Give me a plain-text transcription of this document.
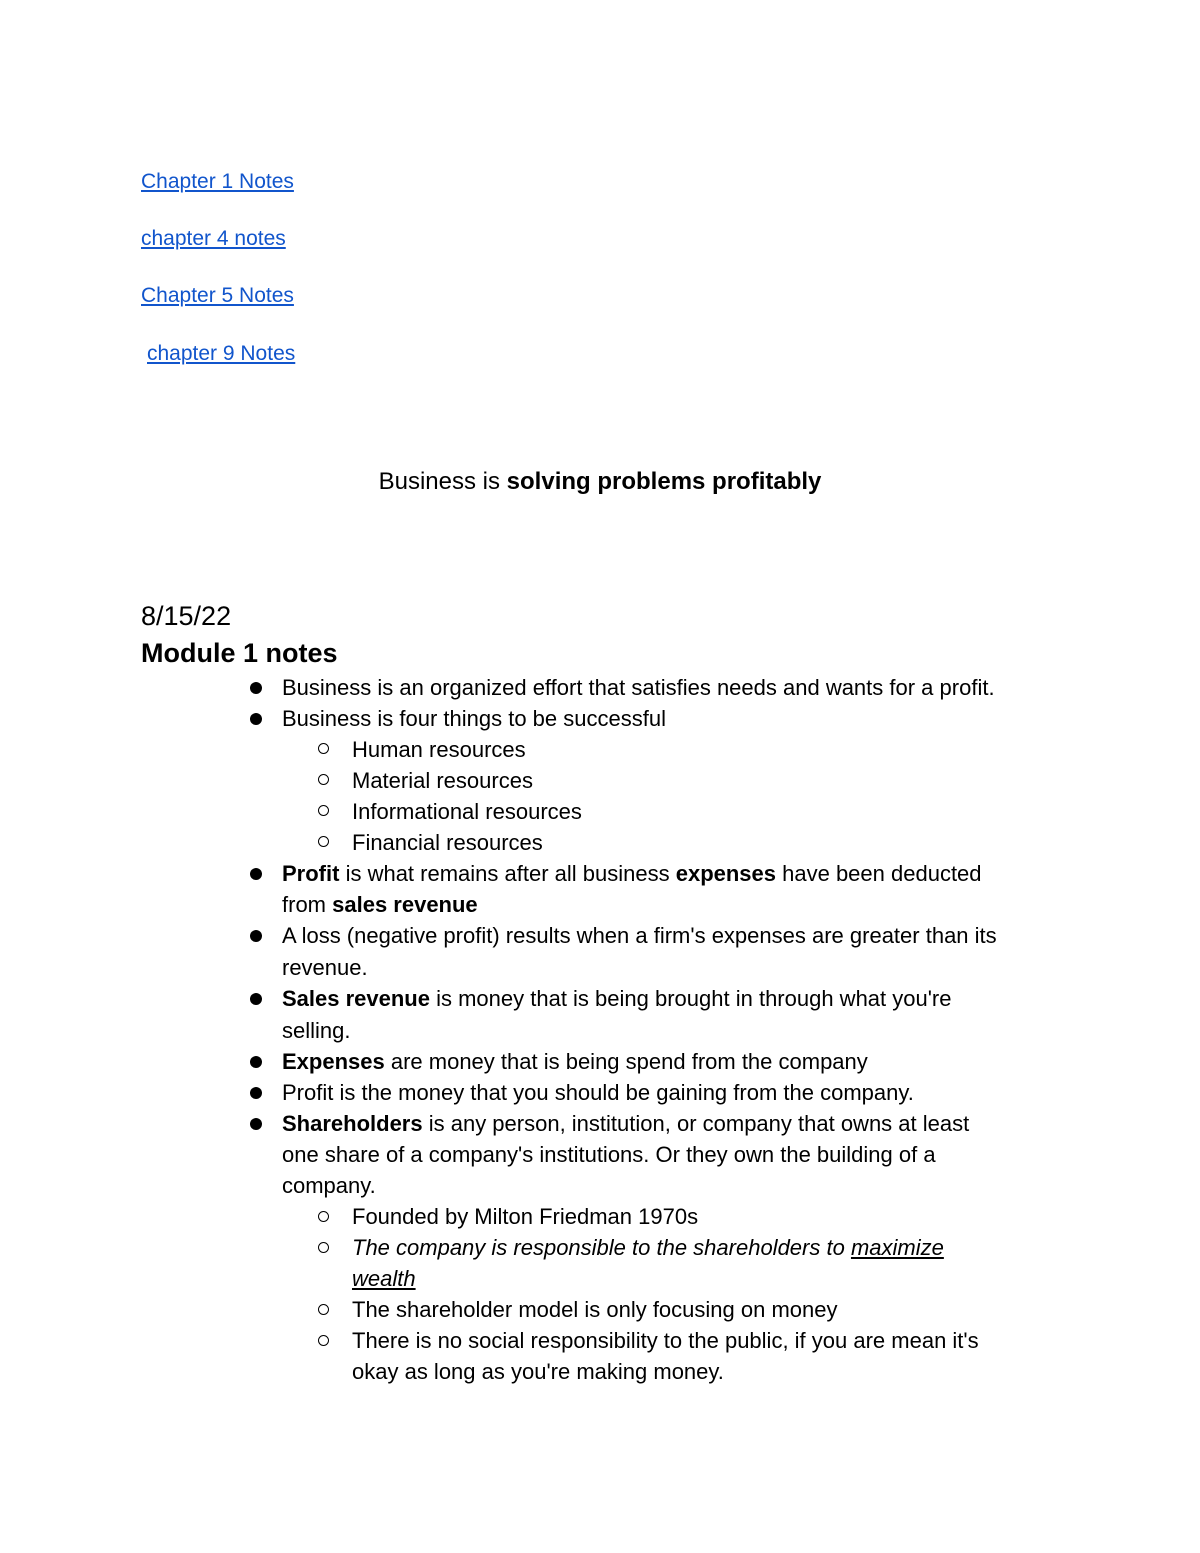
Chapter 1 Notes
chapter 4 notes
Chapter 5 Notes
chapter 9 Notes
Business is solving problems profitably
8/15/22
Module 1 notes
Business is an organized effort that satisfies needs and wants for a profit.
Business is four things to be successful
Human resources
Material resources
Informational resources
Financial resources
Profit is what remains after all business expenses have been deducted
from sales revenue
A loss (negative profit) results when a firm's expenses are greater than its
revenue.
Sales revenue is money that is being brought in through what you're
selling.
Expenses are money that is being spend from the company
Profit is the money that you should be gaining from the company.
Shareholders is any person, institution, or company that owns at least
one share of a company's institutions. Or they own the building of a
company.
Founded by Milton Friedman 1970s
The company is responsible to the shareholders to maximize
wealth
The shareholder model is only focusing on money
There is no social responsibility to the public, if you are mean it's
okay as long as you're making money.
